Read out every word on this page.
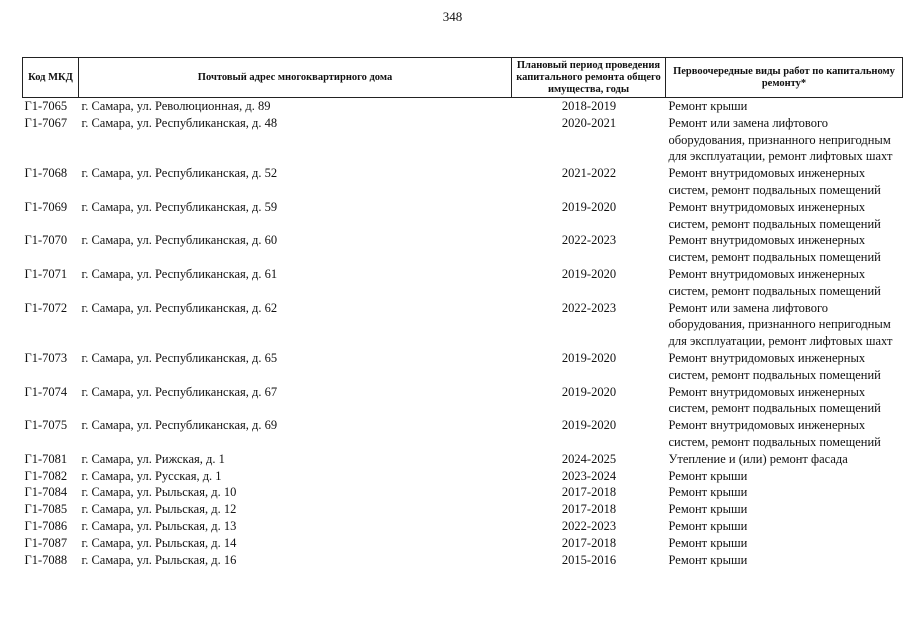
348
Код МКД	Почтовый адрес многоквартирного дома	Плановый период проведения капитального ремонта общего имущества, годы	Первоочередные виды работ по капитальному ремонту*
Г1-7065	г. Самара, ул. Революционная, д. 89	2018-2019	Ремонт крыши
Г1-7067	г. Самара, ул. Республиканская, д. 48	2020-2021	Ремонт или замена лифтового оборудования, признанного непригодным для эксплуатации, ремонт лифтовых шахт
Г1-7068	г. Самара, ул. Республиканская, д. 52	2021-2022	Ремонт внутридомовых инженерных систем, ремонт подвальных помещений
Г1-7069	г. Самара, ул. Республиканская, д. 59	2019-2020	Ремонт внутридомовых инженерных систем, ремонт подвальных помещений
Г1-7070	г. Самара, ул. Республиканская, д. 60	2022-2023	Ремонт внутридомовых инженерных систем, ремонт подвальных помещений
Г1-7071	г. Самара, ул. Республиканская, д. 61	2019-2020	Ремонт внутридомовых инженерных систем, ремонт подвальных помещений
Г1-7072	г. Самара, ул. Республиканская, д. 62	2022-2023	Ремонт или замена лифтового оборудования, признанного непригодным для эксплуатации, ремонт лифтовых шахт
Г1-7073	г. Самара, ул. Республиканская, д. 65	2019-2020	Ремонт внутридомовых инженерных систем, ремонт подвальных помещений
Г1-7074	г. Самара, ул. Республиканская, д. 67	2019-2020	Ремонт внутридомовых инженерных систем, ремонт подвальных помещений
Г1-7075	г. Самара, ул. Республиканская, д. 69	2019-2020	Ремонт внутридомовых инженерных систем, ремонт подвальных помещений
Г1-7081	г. Самара, ул. Рижская, д. 1	2024-2025	Утепление и (или) ремонт фасада
Г1-7082	г. Самара, ул. Русская, д. 1	2023-2024	Ремонт крыши
Г1-7084	г. Самара, ул. Рыльская, д. 10	2017-2018	Ремонт крыши
Г1-7085	г. Самара, ул. Рыльская, д. 12	2017-2018	Ремонт крыши
Г1-7086	г. Самара, ул. Рыльская, д. 13	2022-2023	Ремонт крыши
Г1-7087	г. Самара, ул. Рыльская, д. 14	2017-2018	Ремонт крыши
Г1-7088	г. Самара, ул. Рыльская, д. 16	2015-2016	Ремонт крыши
